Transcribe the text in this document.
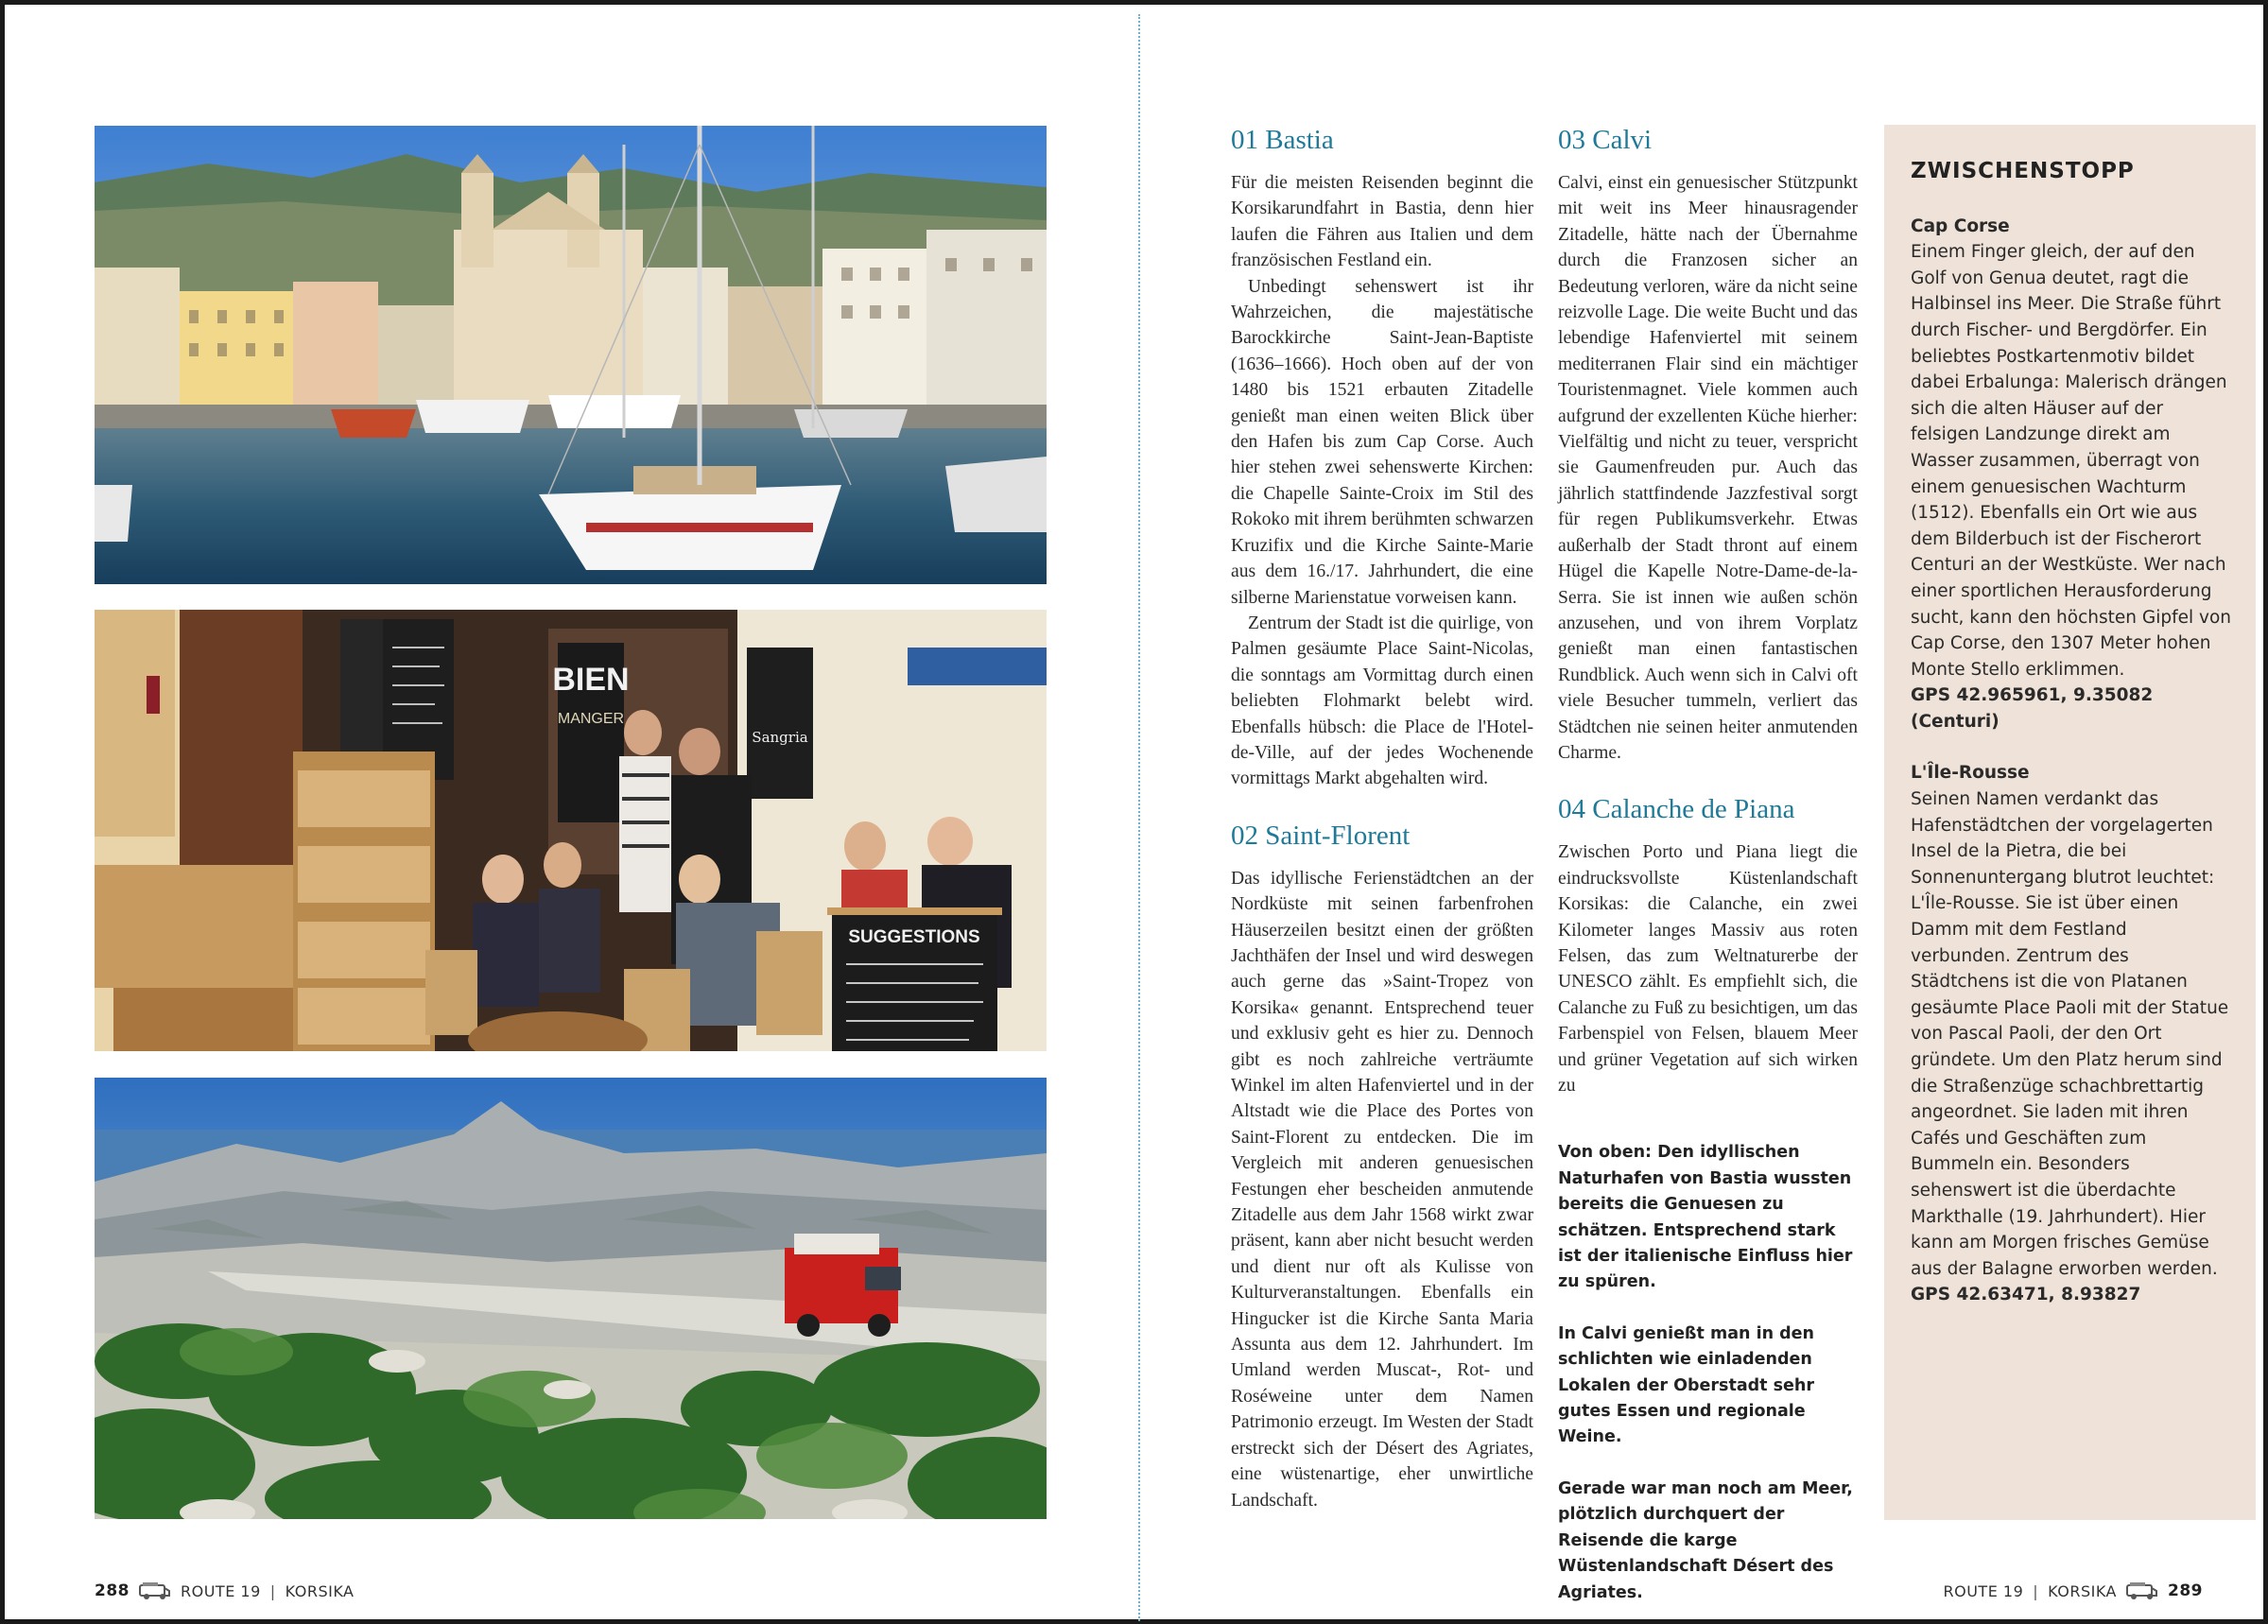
BIEN
MANGER
Sangria
SUGGESTIONS
01 Bastia

Für die meisten Reisenden beginnt die Korsikarundfahrt in Bastia, denn hier laufen die Fähren aus Italien und dem französischen Festland ein.

Unbedingt sehenswert ist ihr Wahrzeichen, die majestätische Barockkirche Saint-Jean-Baptiste (1636–1666). Hoch oben auf der von 1480 bis 1521 erbauten Zitadelle genießt man einen weiten Blick über den Hafen bis zum Cap Corse. Auch hier stehen zwei sehenswerte Kirchen: die Chapelle Sainte-Croix im Stil des Rokoko mit ihrem berühmten schwarzen Kruzifix und die Kirche Sainte-Marie aus dem 16./17. Jahrhundert, die eine silberne Marienstatue vorweisen kann.

Zentrum der Stadt ist die quirlige, von Palmen gesäumte Place Saint-Nicolas, die sonntags am Vormittag durch einen beliebten Flohmarkt belebt wird. Ebenfalls hübsch: die Place de l'Hotel-de-Ville, auf der jedes Wochenende vormittags Markt abgehalten wird.

02 Saint-Florent

Das idyllische Ferienstädtchen an der Nordküste mit seinen farbenfrohen Häuserzeilen besitzt einen der größten Jachthäfen der Insel und wird deswegen auch gerne das »Saint-Tropez von Korsika« genannt. Entsprechend teuer und exklusiv geht es hier zu. Dennoch gibt es noch zahlreiche verträumte Winkel im alten Hafenviertel und in der Altstadt wie die Place des Portes von Saint-Florent zu entdecken. Die im Vergleich mit anderen genuesischen Festungen eher bescheiden anmutende Zitadelle aus dem Jahr 1568 wirkt zwar präsent, kann aber nicht besucht werden und dient nur oft als Kulisse von Kulturveranstaltungen. Ebenfalls ein Hingucker ist die Kirche Santa Maria Assunta aus dem 12. Jahrhundert. Im Umland werden Muscat-, Rot- und Roséweine unter dem Namen Patrimonio erzeugt. Im Westen der Stadt erstreckt sich der Désert des Agriates, eine wüstenartige, eher unwirtliche Landschaft.

03 Calvi

Calvi, einst ein genuesischer Stützpunkt mit weit ins Meer hinausragender Zitadelle, hätte nach der Übernahme durch die Franzosen sicher an Bedeutung verloren, wäre da nicht seine reizvolle Lage. Die weite Bucht und das lebendige Hafenviertel mit seinem mediterranen Flair sind ein mächtiger Touristenmagnet. Viele kommen auch aufgrund der exzellenten Küche hierher: Vielfältig und nicht zu teuer, verspricht sie Gaumenfreuden pur. Auch das jährlich stattfindende Jazzfestival sorgt für regen Publikumsverkehr. Etwas außerhalb der Stadt thront auf einem Hügel die Kapelle Notre-Dame-de-la-Serra. Sie ist innen wie außen schön anzusehen, und von ihrem Vorplatz genießt man einen fantastischen Rundblick. Auch wenn sich in Calvi oft viele Besucher tummeln, verliert das Städtchen nie seinen heiter anmutenden Charme.

04 Calanche de Piana

Zwischen Porto und Piana liegt die eindrucksvollste Küstenlandschaft Korsikas: die Calanche, ein zwei Kilometer langes Massiv aus roten Felsen, das zum Weltnaturerbe der UNESCO zählt. Es empfiehlt sich, die Calanche zu Fuß zu besichtigen, um das Farbenspiel von Felsen, blauem Meer und grüner Vegetation auf sich wirken zu

Von oben: Den idyllischen Naturhafen von Bastia wussten bereits die Genuesen zu schätzen. Entsprechend stark ist der italienische Einfluss hier zu spüren.

In Calvi genießt man in den schlichten wie einladenden Lokalen der Oberstadt sehr gutes Essen und regionale Weine.

Gerade war man noch am Meer, plötzlich durchquert der Reisende die karge Wüstenlandschaft Désert des Agriates.

ZWISCHENSTOPP
Cap Corse
Einem Finger gleich, der auf den Golf von Genua deutet, ragt die Halbinsel ins Meer. Die Straße führt durch Fischer- und Bergdörfer. Ein beliebtes Postkartenmotiv bildet dabei Erbalunga: Malerisch drängen sich die alten Häuser auf der felsigen Landzunge direkt am Wasser zusammen, überragt von einem genuesischen Wachturm (1512). Ebenfalls ein Ort wie aus dem Bilderbuch ist der Fischerort Centuri an der Westküste. Wer nach einer sportlichen Herausforderung sucht, kann den höchsten Gipfel von Cap Corse, den 1307 Meter hohen Monte Stello erklimmen.
GPS 42.965961, 9.35082 (Centuri)
L'Île-Rousse
Seinen Namen verdankt das Hafenstädtchen der vorgelagerten Insel de la Pietra, die bei Sonnenuntergang blutrot leuchtet: L'Île-Rousse. Sie ist über einen Damm mit dem Festland verbunden. Zentrum des Städtchens ist die von Platanen gesäumte Place Paoli mit der Statue von Pascal Paoli, der den Ort gründete. Um den Platz herum sind die Straßenzüge schachbrettartig angeordnet. Sie laden mit ihren Cafés und Geschäften zum Bummeln ein. Besonders sehenswert ist die überdachte Markthalle (19. Jahrhundert). Hier kann am Morgen frisches Gemüse aus der Balagne erworben werden.
GPS 42.63471, 8.93827
288	ROUTE 19 | KORSIKA	ROUTE 19 | KORSIKA	289
